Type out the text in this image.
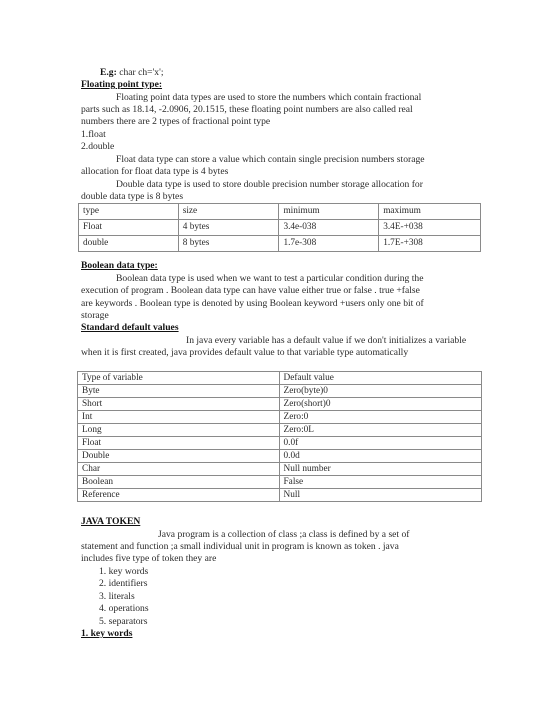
E.g: char ch='x';
Floating point type:
Floating point data types are used to store the numbers which contain fractional
parts such as 18.14, -2.0906, 20.1515, these floating point numbers are also called real
numbers there are 2 types of fractional point type
1.float
2.double
Float data type can store a value which contain single precision numbers storage
allocation for float data type is 4 bytes
Double data type is used to store double precision number storage allocation for
double data type is 8 bytes
type	size	minimum	maximum
Float	4 bytes	3.4e-038	3.4E-+038
double	8 bytes	1.7e-308	1.7E-+308
Boolean data type:
Boolean data type is used when we want to test a particular condition during the
execution of program . Boolean data type can have value either true or false . true +false
are keywords . Boolean type is denoted by using Boolean keyword +users only one bit of
storage
Standard default values
In java every variable has a default value if we don't initializes a variable
when it is first created, java provides default value to that variable type automatically
Type of variable	Default value
Byte	Zero(byte)0
Short	Zero(short)0
Int	Zero:0
Long	Zero:0L
Float	0.0f
Double	0.0d
Char	Null number
Boolean	False
Reference	Null
JAVA TOKEN
Java program is a collection of class ;a class is defined by a set of
statement and function ;a small individual unit in program is known as token . java
includes five type of token they are
1. key words
2. identifiers
3. literals
4. operations
5. separators
1. key words
